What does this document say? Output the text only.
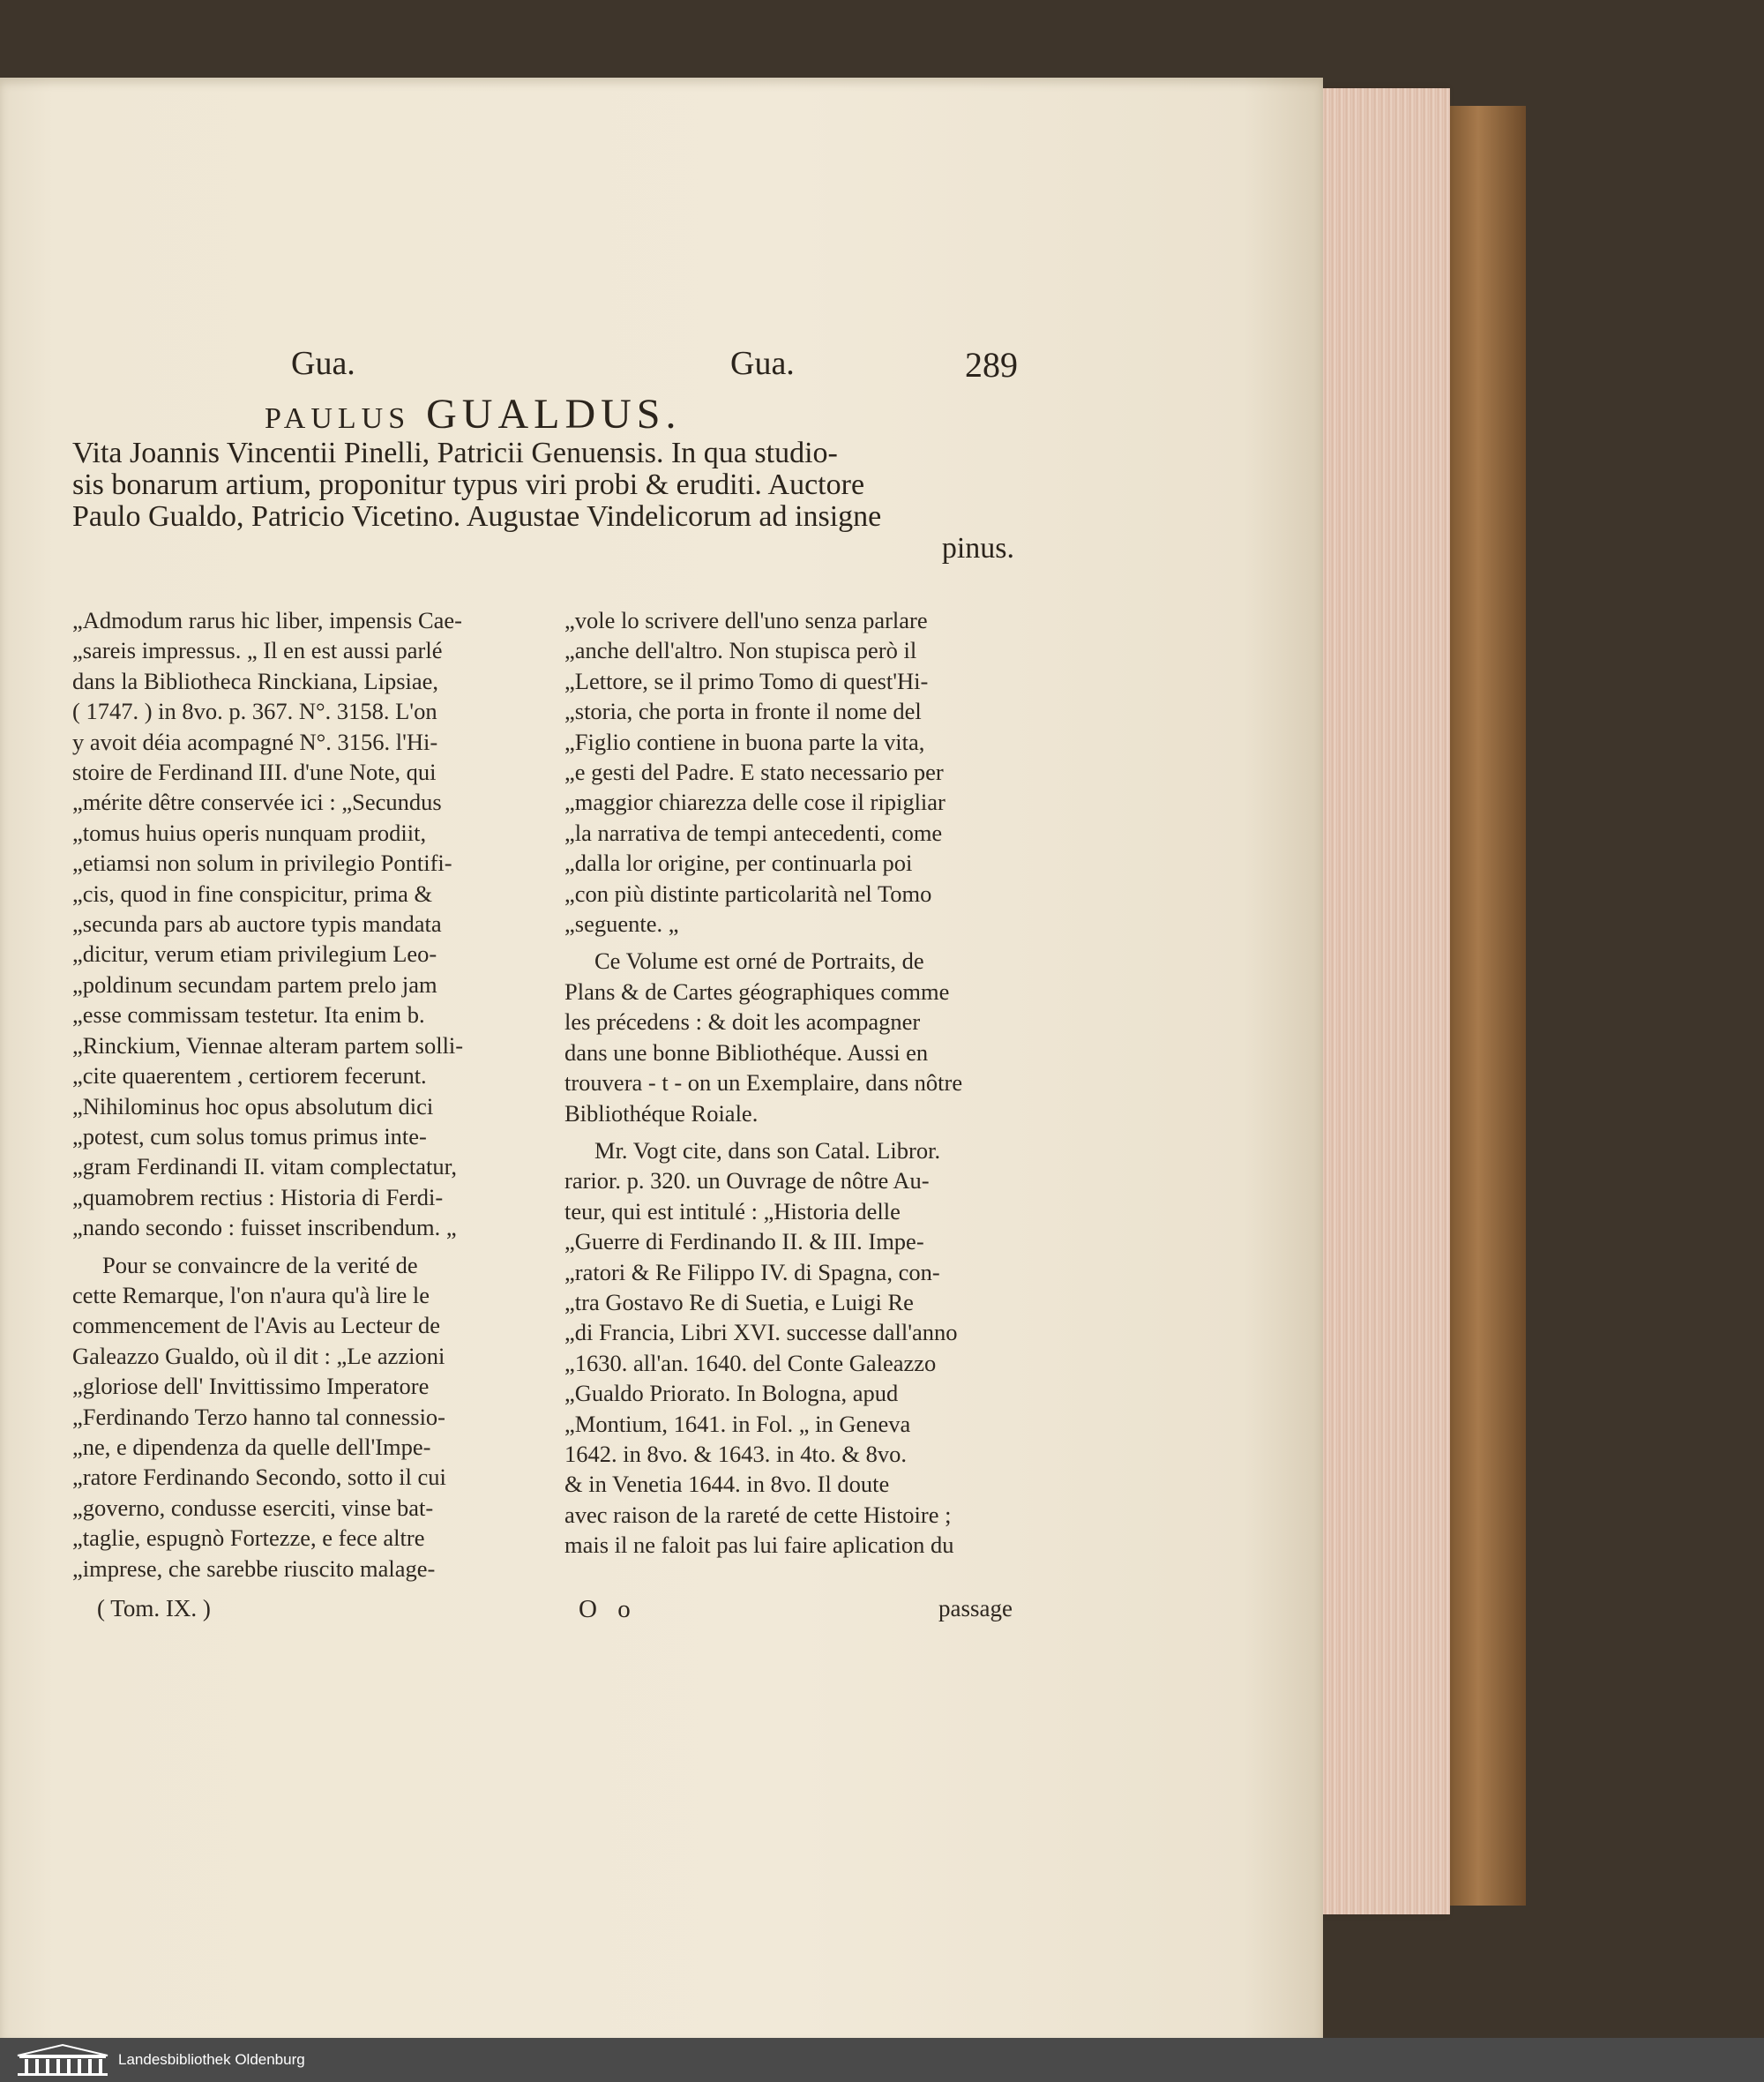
Gua.	Gua.	289
PAULUS GUALDUS.
Vita Joannis Vincentii Pinelli, Patricii Genuensis. In qua studio-
sis bonarum artium, proponitur typus viri probi & eruditi. Auctore
Paulo Gualdo, Patricio Vicetino. Augustae Vindelicorum ad insigne
pinus.

„Admodum rarus hic liber, impensis Cae-
„sareis impressus. „ Il en est aussi parlé
dans la Bibliotheca Rinckiana, Lipsiae,
( 1747. ) in 8vo. p. 367. N°. 3158. L'on
y avoit déia acompagné N°. 3156. l'Hi-
stoire de Ferdinand III. d'une Note, qui
„mérite dêtre conservée ici : „Secundus
„tomus huius operis nunquam prodiit,
„etiamsi non solum in privilegio Pontifi-
„cis, quod in fine conspicitur, prima &
„secunda pars ab auctore typis mandata
„dicitur, verum etiam privilegium Leo-
„poldinum secundam partem prelo jam
„esse commissam testetur. Ita enim b.
„Rinckium, Viennae alteram partem solli-
„cite quaerentem , certiorem fecerunt.
„Nihilominus hoc opus absolutum dici
„potest, cum solus tomus primus inte-
„gram Ferdinandi II. vitam complectatur,
„quamobrem rectius : Historia di Ferdi-
„nando secondo : fuisset inscribendum. „

Pour se convaincre de la verité de
cette Remarque, l'on n'aura qu'à lire le
commencement de l'Avis au Lecteur de
Galeazzo Gualdo, où il dit : „Le azzioni
„gloriose dell' Invittissimo Imperatore
„Ferdinando Terzo hanno tal connessio-
„ne, e dipendenza da quelle dell'Impe-
„ratore Ferdinando Secondo, sotto il cui
„governo, condusse eserciti, vinse bat-
„taglie, espugnò Fortezze, e fece altre
„imprese, che sarebbe riuscito malage-

„vole lo scrivere dell'uno senza parlare
„anche dell'altro. Non stupisca però il
„Lettore, se il primo Tomo di quest'Hi-
„storia, che porta in fronte il nome del
„Figlio contiene in buona parte la vita,
„e gesti del Padre. E stato necessario per
„maggior chiarezza delle cose il ripigliar
„la narrativa de tempi antecedenti, come
„dalla lor origine, per continuarla poi
„con più distinte particolarità nel Tomo
„seguente. „

Ce Volume est orné de Portraits, de
Plans & de Cartes géographiques comme
les précedens : & doit les acompagner
dans une bonne Bibliothéque. Aussi en
trouvera - t - on un Exemplaire, dans nôtre
Bibliothéque Roiale.

Mr. Vogt cite, dans son Catal. Libror.
rarior. p. 320. un Ouvrage de nôtre Au-
teur, qui est intitulé : „Historia delle
„Guerre di Ferdinando II. & III. Impe-
„ratori & Re Filippo IV. di Spagna, con-
„tra Gostavo Re di Suetia, e Luigi Re
„di Francia, Libri XVI. successe dall'anno
„1630. all'an. 1640. del Conte Galeazzo
„Gualdo Priorato. In Bologna, apud
„Montium, 1641. in Fol. „ in Geneva
1642. in 8vo. & 1643. in 4to. & 8vo.
& in Venetia 1644. in 8vo. Il doute
avec raison de la rareté de cette Histoire ;
mais il ne faloit pas lui faire aplication du

( Tom. IX. )	O o	passage
Landesbibliothek Oldenburg
